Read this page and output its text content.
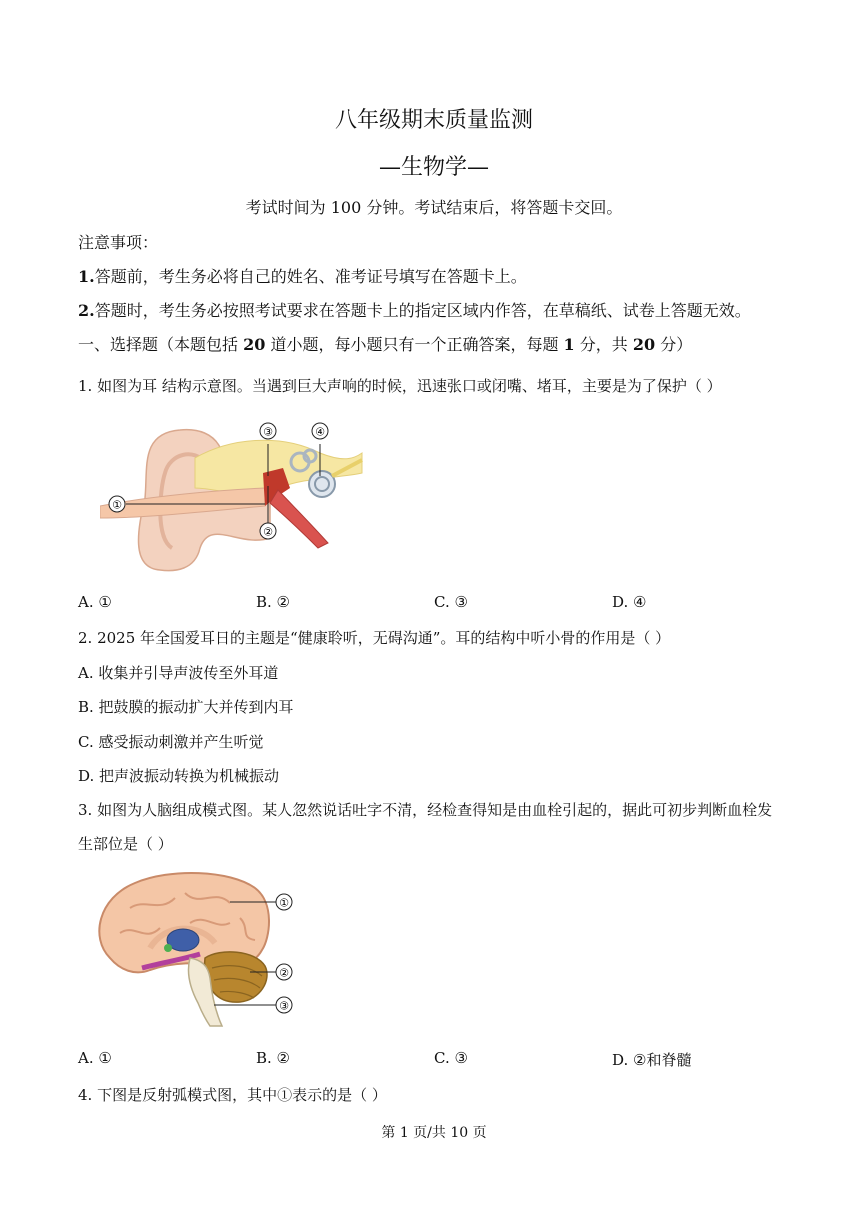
八年级期末质量监测
—生物学—
考试时间为 100 分钟。考试结束后，将答题卡交回。
注意事项：
1.答题前，考生务必将自己的姓名、准考证号填写在答题卡上。
2.答题时，考生务必按照考试要求在答题卡上的指定区域内作答，在草稿纸、试卷上答题无效。
一、选择题（本题包括 20 道小题，每小题只有一个正确答案，每题 1 分，共 20 分）
1. 如图为耳 结构示意图。当遇到巨大声响的时候，迅速张口或闭嘴、堵耳，主要是为了保护（ ）
①
②
③	④
A. ①	B. ②	C. ③	D. ④
2. 2025 年全国爱耳日的主题是“健康聆听，无碍沟通”。耳的结构中听小骨的作用是（ ）
A. 收集并引导声波传至外耳道
B. 把鼓膜的振动扩大并传到内耳
C. 感受振动刺激并产生听觉
D. 把声波振动转换为机械振动
3. 如图为人脑组成模式图。某人忽然说话吐字不清，经检查得知是由血栓引起的，据此可初步判断血栓发
生部位是（ ）
①
②
③
A. ①	B. ②	C. ③	D. ②和脊髓
4. 下图是反射弧模式图，其中①表示的是（ ）
第 1 页/共 10 页
